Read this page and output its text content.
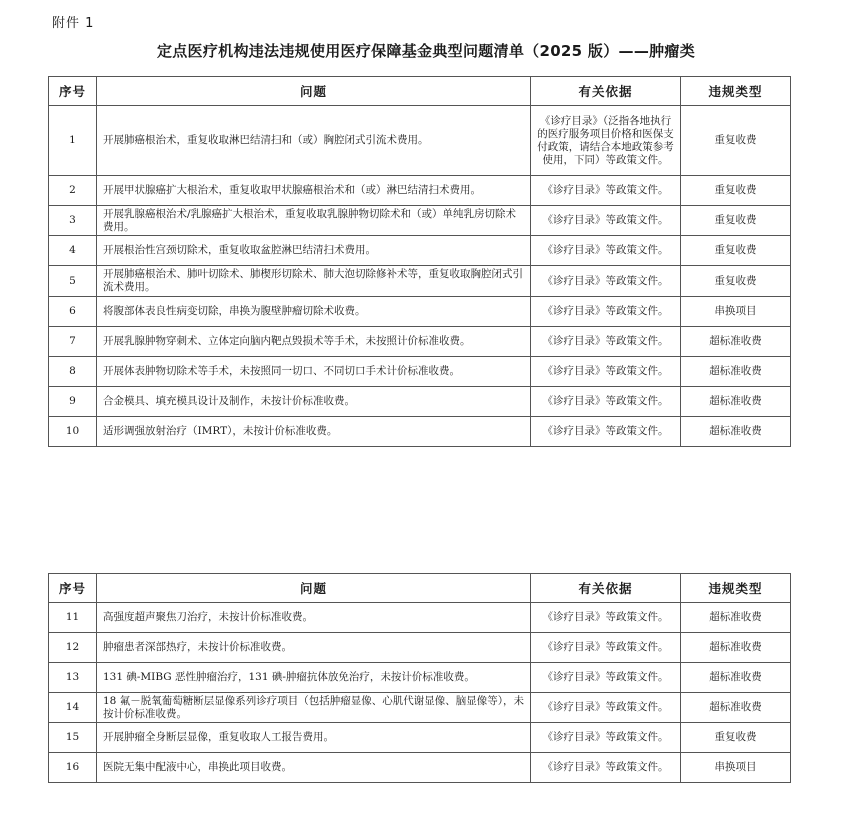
附件 1
定点医疗机构违法违规使用医疗保障基金典型问题清单（2025 版）——肿瘤类
序号	问题	有关依据	违规类型
1	开展肺癌根治术，重复收取淋巴结清扫和（或）胸腔闭式引流术费用。	《诊疗目录》（泛指各地执行的医疗服务项目价格和医保支付政策，请结合本地政策参考使用，下同）等政策文件。	重复收费
2	开展甲状腺癌扩大根治术，重复收取甲状腺癌根治术和（或）淋巴结清扫术费用。	《诊疗目录》等政策文件。	重复收费
3	开展乳腺癌根治术/乳腺癌扩大根治术，重复收取乳腺肿物切除术和（或）单纯乳房切除术费用。	《诊疗目录》等政策文件。	重复收费
4	开展根治性宫颈切除术，重复收取盆腔淋巴结清扫术费用。	《诊疗目录》等政策文件。	重复收费
5	开展肺癌根治术、肺叶切除术、肺楔形切除术、肺大泡切除修补术等，重复收取胸腔闭式引流术费用。	《诊疗目录》等政策文件。	重复收费
6	将腹部体表良性病变切除，串换为腹壁肿瘤切除术收费。	《诊疗目录》等政策文件。	串换项目
7	开展乳腺肿物穿刺术、立体定向脑内靶点毁损术等手术，未按照计价标准收费。	《诊疗目录》等政策文件。	超标准收费
8	开展体表肿物切除术等手术，未按照同一切口、不同切口手术计价标准收费。	《诊疗目录》等政策文件。	超标准收费
9	合金模具、填充模具设计及制作，未按计价标准收费。	《诊疗目录》等政策文件。	超标准收费
10	适形调强放射治疗（IMRT），未按计价标准收费。	《诊疗目录》等政策文件。	超标准收费
序号	问题	有关依据	违规类型
11	高强度超声聚焦刀治疗，未按计价标准收费。	《诊疗目录》等政策文件。	超标准收费
12	肿瘤患者深部热疗，未按计价标准收费。	《诊疗目录》等政策文件。	超标准收费
13	131 碘-MIBG 恶性肿瘤治疗，131 碘-肿瘤抗体放免治疗，未按计价标准收费。	《诊疗目录》等政策文件。	超标准收费
14	18 氟－脱氧葡萄糖断层显像系列诊疗项目（包括肿瘤显像、心肌代谢显像、脑显像等），未按计价标准收费。	《诊疗目录》等政策文件。	超标准收费
15	开展肿瘤全身断层显像，重复收取人工报告费用。	《诊疗目录》等政策文件。	重复收费
16	医院无集中配液中心，串换此项目收费。	《诊疗目录》等政策文件。	串换项目
